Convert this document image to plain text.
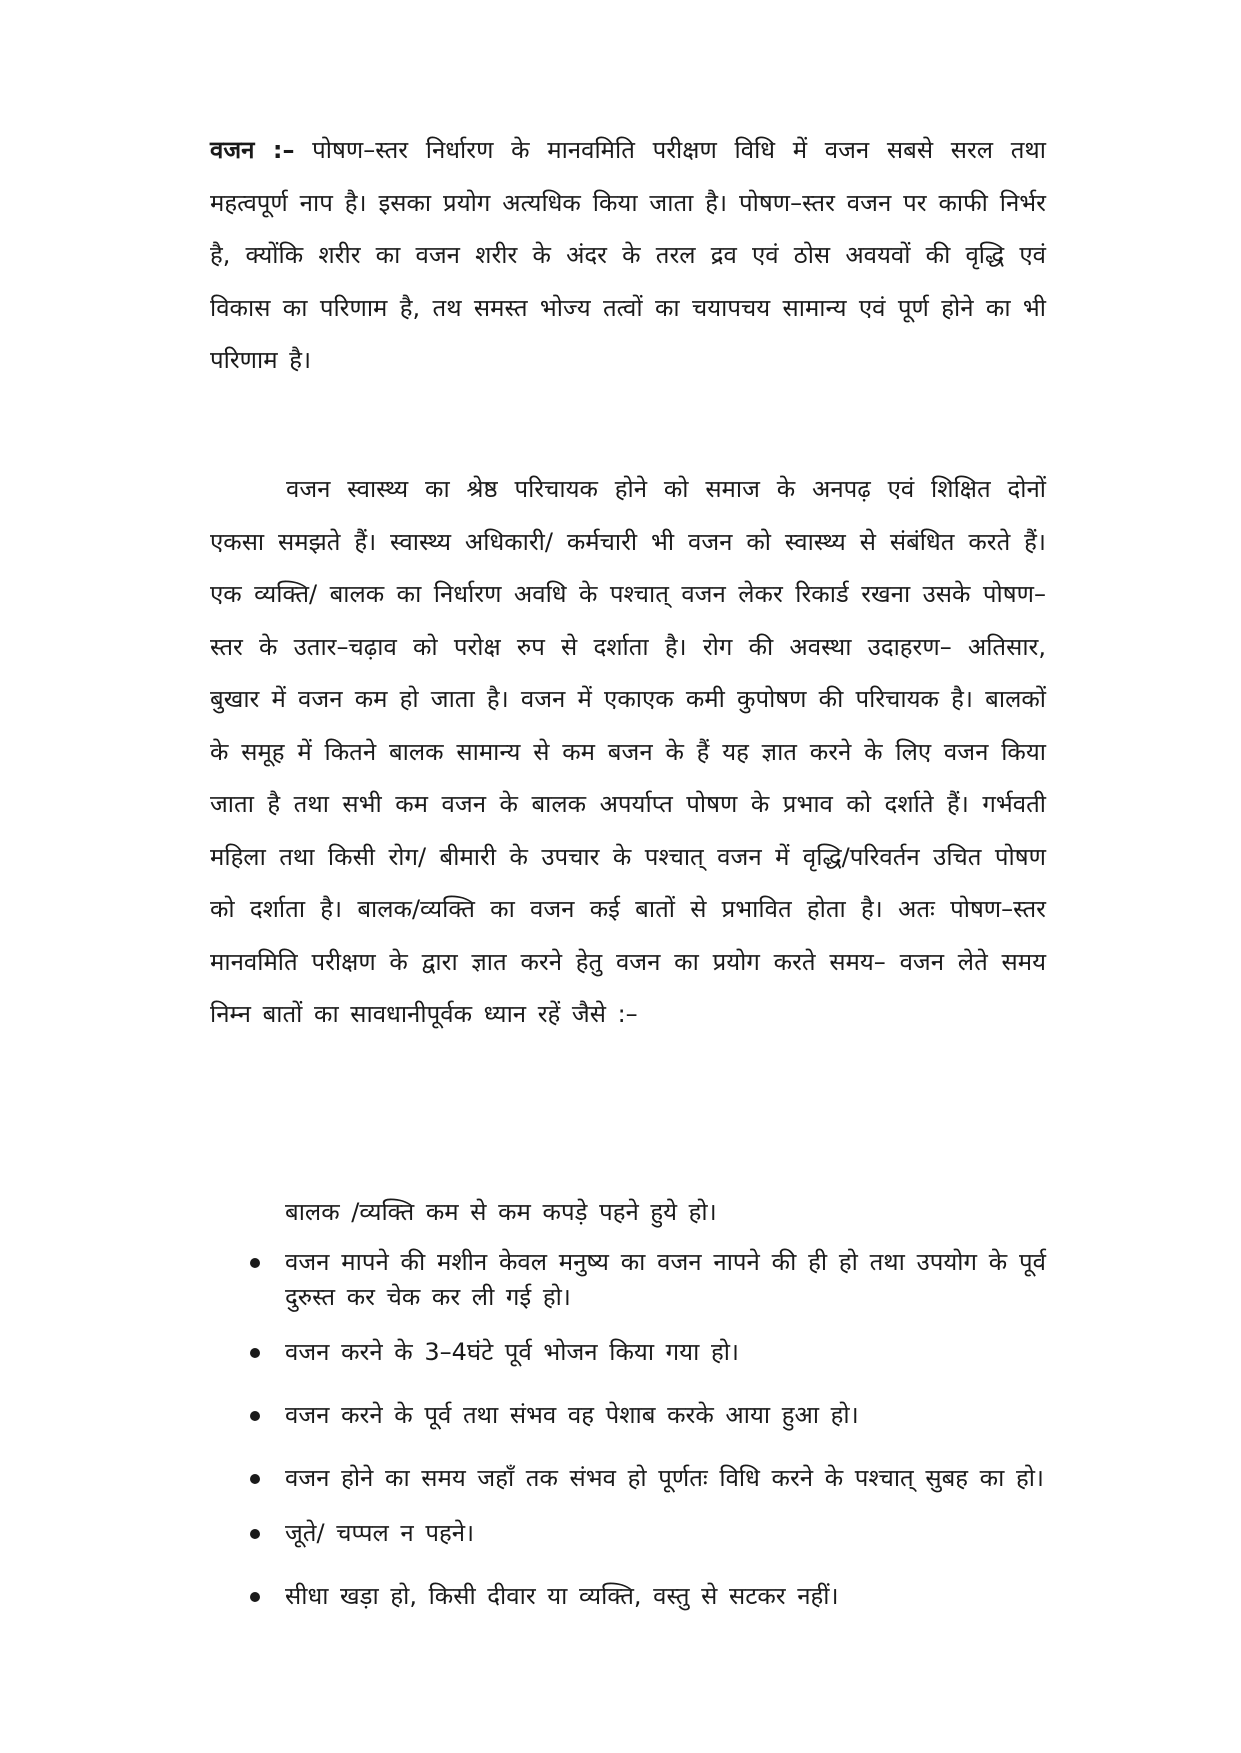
वजन :– पोषण–स्तर निर्धारण के मानवमिति परीक्षण विधि में वजन सबसे सरल तथा महत्वपूर्ण नाप है। इसका प्रयोग अत्यधिक किया जाता है। पोषण–स्तर वजन पर काफी निर्भर है, क्योंकि शरीर का वजन शरीर के अंदर के तरल द्रव एवं ठोस अवयवों की वृद्धि एवं विकास का परिणाम है, तथ समस्त भोज्य तत्वों का चयापचय सामान्य एवं पूर्ण होने का भी परिणाम है।

वजन स्वास्थ्य का श्रेष्ठ परिचायक होने को समाज के अनपढ़ एवं शिक्षित दोनों एकसा समझते हैं। स्वास्थ्य अधिकारी/ कर्मचारी भी वजन को स्वास्थ्य से संबंधित करते हैं। एक व्यक्ति/ बालक का निर्धारण अवधि के पश्चात् वजन लेकर रिकार्ड रखना उसके पोषण–स्तर के उतार–चढ़ाव को परोक्ष रुप से दर्शाता है। रोग की अवस्था उदाहरण– अतिसार, बुखार में वजन कम हो जाता है। वजन में एकाएक कमी कुपोषण की परिचायक है। बालकों के समूह में कितने बालक सामान्य से कम बजन के हैं यह ज्ञात करने के लिए वजन किया जाता है तथा सभी कम वजन के बालक अपर्याप्त पोषण के प्रभाव को दर्शाते हैं। गर्भवती महिला तथा किसी रोग/ बीमारी के उपचार के पश्चात् वजन में वृद्धि/परिवर्तन उचित पोषण को दर्शाता है। बालक/व्यक्ति का वजन कई बातों से प्रभावित होता है। अतः पोषण–स्तर मानवमिति परीक्षण के द्वारा ज्ञात करने हेतु वजन का प्रयोग करते समय– वजन लेते समय निम्न बातों का सावधानीपूर्वक ध्यान रहें जैसे :–

बालक /व्यक्ति कम से कम कपड़े पहने हुये हो।

वजन मापने की मशीन केवल मनुष्य का वजन नापने की ही हो तथा उपयोग के पूर्व दुरुस्त कर चेक कर ली गई हो।
वजन करने के 3–4घंटे पूर्व भोजन किया गया हो।
वजन करने के पूर्व तथा संभव वह पेशाब करके आया हुआ हो।
वजन होने का समय जहाँ तक संभव हो पूर्णतः विधि करने के पश्चात् सुबह का हो।
जूते/ चप्पल न पहने।
सीधा खड़ा हो, किसी दीवार या व्यक्ति, वस्तु से सटकर नहीं।
